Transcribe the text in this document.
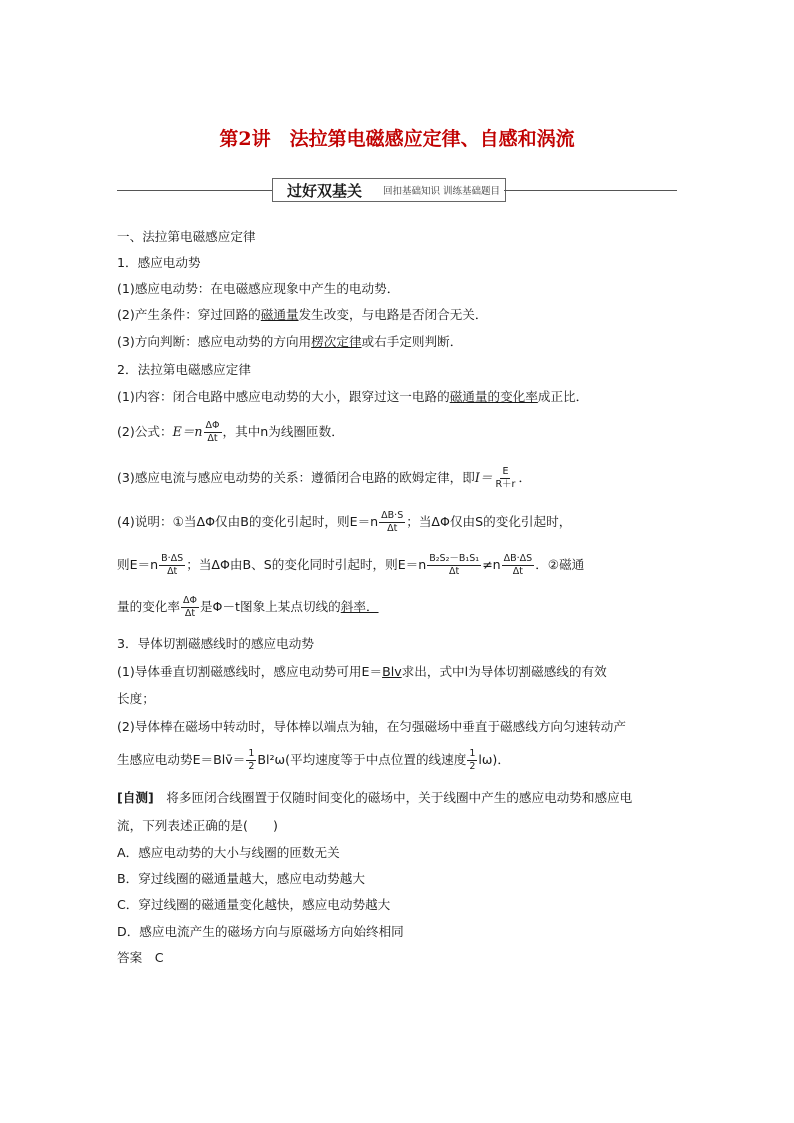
第2讲　法拉第电磁感应定律、自感和涡流
过好双基关	回扣基础知识 训练基础题目
一、法拉第电磁感应定律
1．感应电动势
(1)感应电动势：在电磁感应现象中产生的电动势．
(2)产生条件：穿过回路的磁通量发生改变，与电路是否闭合无关．
(3)方向判断：感应电动势的方向用楞次定律或右手定则判断．
2．法拉第电磁感应定律
(1)内容：闭合电路中感应电动势的大小，跟穿过这一电路的磁通量的变化率成正比．
(2)公式：$E=n \frac{\Delta\Phi}{\Delta t}$ ，其中n为线圈匝数．
(3)感应电流与感应电动势的关系：遵循闭合电路的欧姆定律，即$I= \frac{E}{R+r}$ ．
(4)说明：①当ΔΦ仅由B的变化引起时，则$E=n \frac{\Delta B\cdot S}{\Delta t}$ ；当ΔΦ仅由S的变化引起时，
则$E=n \frac{B\cdot\Delta S}{\Delta t}$ ；当ΔΦ由B、S的变化同时引起时，则$E=n \frac{\text{B₂S₂－B₁S₁}}{\Delta t} \ne n \frac{\Delta B\cdot\Delta S}{\Delta t}$ ．②磁通
量的变化率 $\frac{\Delta\Phi}{\Delta t}$ 是Φ－t图象上某点切线的斜率．
3．导体切割磁感线时的感应电动势
(1)导体垂直切割磁感线时，感应电动势可用E＝Blv求出，式中l为导体切割磁感线的有效
长度；
(2)导体棒在磁场中转动时，导体棒以端点为轴，在匀强磁场中垂直于磁感线方向匀速转动产
生感应电动势E＝Blv̄＝ $\frac{1}{2} Bl^2\omega$(平均速度等于中点位置的线速度 $\frac{1}{2} l\omega$)．
[自测]　将多匝闭合线圈置于仅随时间变化的磁场中，关于线圈中产生的感应电动势和感应电
流，下列表述正确的是(　　)
A．感应电动势的大小与线圈的匝数无关
B．穿过线圈的磁通量越大，感应电动势越大
C．穿过线圈的磁通量变化越快，感应电动势越大
D．感应电流产生的磁场方向与原磁场方向始终相同
答案　C
